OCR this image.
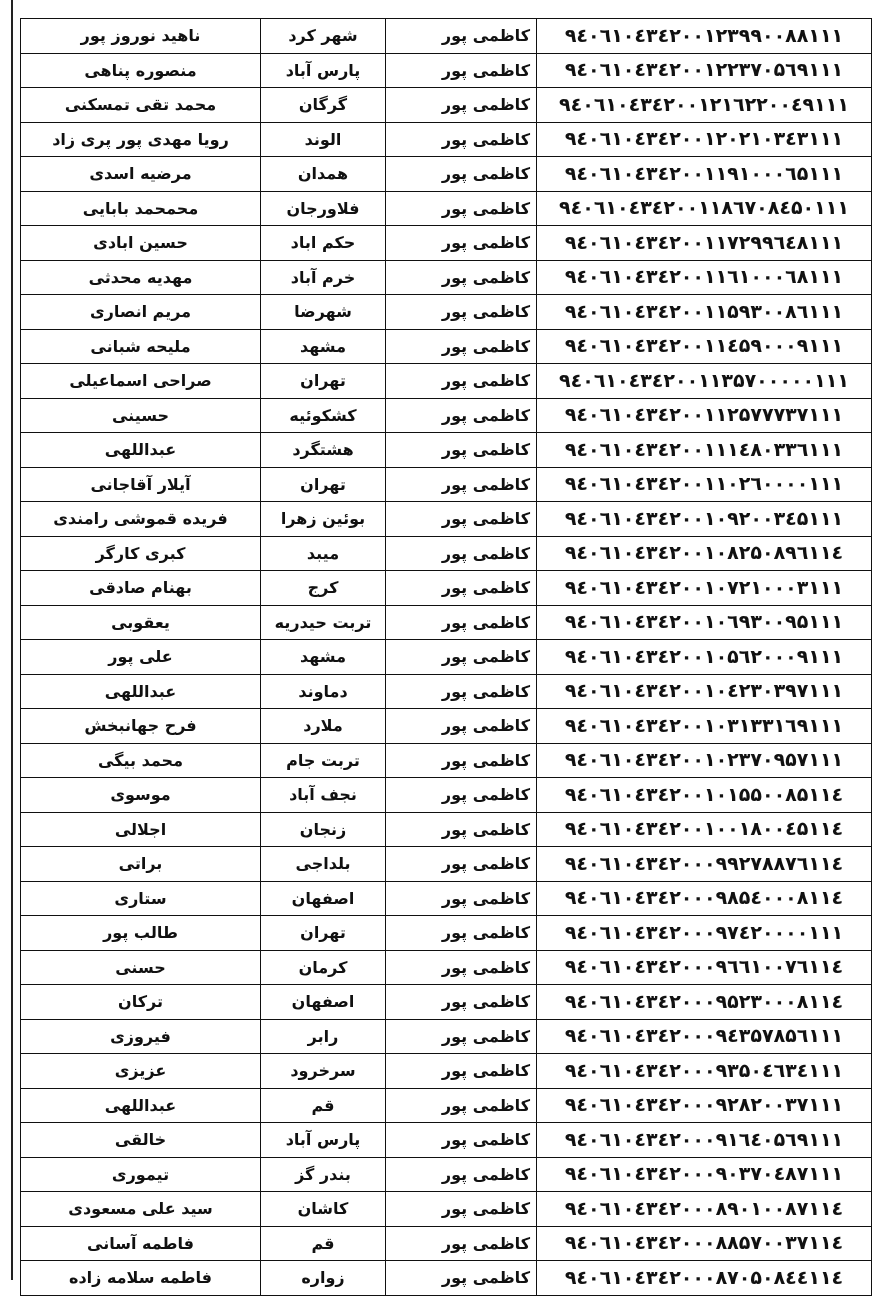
۹٤۰٦۱۰٤۳٤۲۰۰۱۲۳۹۹۰۰۸۸۱۱۱	کاظمی پور	شهر کرد	ناهید نوروز پور
۹٤۰٦۱۰٤۳٤۲۰۰۱۲۲۳۷۰۵٦۹۱۱۱	کاظمی پور	پارس آباد	منصوره پناهی
۹٤۰٦۱۰٤۳٤۲۰۰۱۲۱٦۲۲۰۰٤۹۱۱۱	کاظمی پور	گرگان	محمد تقی تمسکنی
۹٤۰٦۱۰٤۳٤۲۰۰۱۲۰۲۱۰۳٤۳۱۱۱	کاظمی پور	الوند	رویا مهدی پور پری زاد
۹٤۰٦۱۰٤۳٤۲۰۰۱۱۹۱۰۰۰٦۵۱۱۱	کاظمی پور	همدان	مرضیه اسدی
۹٤۰٦۱۰٤۳٤۲۰۰۱۱۸٦۷۰۸٤۵۰۱۱۱	کاظمی پور	فلاورجان	محمحمد بابایی
۹٤۰٦۱۰٤۳٤۲۰۰۱۱۷۲۹۹٦٤۸۱۱۱	کاظمی پور	حکم اباد	حسین ابادی
۹٤۰٦۱۰٤۳٤۲۰۰۱۱٦۱۰۰۰٦۸۱۱۱	کاظمی پور	خرم آباد	مهدیه محدثی
۹٤۰٦۱۰٤۳٤۲۰۰۱۱۵۹۳۰۰۸٦۱۱۱	کاظمی پور	شهرضا	مریم انصاری
۹٤۰٦۱۰٤۳٤۲۰۰۱۱٤۵۹۰۰۰۹۱۱۱	کاظمی پور	مشهد	ملیحه شبانی
۹٤۰٦۱۰٤۳٤۲۰۰۱۱۳۵۷۰۰۰۰۰۱۱۱	کاظمی پور	تهران	صراحی اسماعیلی
۹٤۰٦۱۰٤۳٤۲۰۰۱۱۲۵۷۷۷۳۷۱۱۱	کاظمی پور	کشکوئیه	حسینی
۹٤۰٦۱۰٤۳٤۲۰۰۱۱۱٤۸۰۳۳٦۱۱۱	کاظمی پور	هشتگرد	عبداللهی
۹٤۰٦۱۰٤۳٤۲۰۰۱۱۰۲٦۰۰۰۰۱۱۱	کاظمی پور	تهران	آیلار آقاجانی
۹٤۰٦۱۰٤۳٤۲۰۰۱۰۹۲۰۰۳٤۵۱۱۱	کاظمی پور	بوئین زهرا	فریده قموشی رامندی
۹٤۰٦۱۰٤۳٤۲۰۰۱۰۸۲۵۰۸۹٦۱۱٤	کاظمی پور	میبد	کبری کارگر
۹٤۰٦۱۰٤۳٤۲۰۰۱۰۷۲۱۰۰۰۳۱۱۱	کاظمی پور	کرج	بهنام صادقی
۹٤۰٦۱۰٤۳٤۲۰۰۱۰٦۹۳۰۰۹۵۱۱۱	کاظمی پور	تربت حیدریه	یعقوبی
۹٤۰٦۱۰٤۳٤۲۰۰۱۰۵٦۲۰۰۰۹۱۱۱	کاظمی پور	مشهد	علی پور
۹٤۰٦۱۰٤۳٤۲۰۰۱۰٤۲۳۰۳۹۷۱۱۱	کاظمی پور	دماوند	عبداللهی
۹٤۰٦۱۰٤۳٤۲۰۰۱۰۳۱۳۳۱٦۹۱۱۱	کاظمی پور	ملارد	فرح جهانبخش
۹٤۰٦۱۰٤۳٤۲۰۰۱۰۲۳۷۰۹۵۷۱۱۱	کاظمی پور	تربت جام	محمد بیگی
۹٤۰٦۱۰٤۳٤۲۰۰۱۰۱۵۵۰۰۸۵۱۱٤	کاظمی پور	نجف آباد	موسوی
۹٤۰٦۱۰٤۳٤۲۰۰۱۰۰۱۸۰۰٤۵۱۱٤	کاظمی پور	زنجان	اجلالی
۹٤۰٦۱۰٤۳٤۲۰۰۰۹۹۲۷۸۸۷٦۱۱٤	کاظمی پور	بلداجی	براتی
۹٤۰٦۱۰٤۳٤۲۰۰۰۹۸۵٤۰۰۰۸۱۱٤	کاظمی پور	اصفهان	ستاری
۹٤۰٦۱۰٤۳٤۲۰۰۰۹۷٤۲۰۰۰۰۱۱۱	کاظمی پور	تهران	طالب پور
۹٤۰٦۱۰٤۳٤۲۰۰۰۹٦٦۱۰۰۷٦۱۱٤	کاظمی پور	کرمان	حسنی
۹٤۰٦۱۰٤۳٤۲۰۰۰۹۵۲۳۰۰۰۸۱۱٤	کاظمی پور	اصفهان	ترکان
۹٤۰٦۱۰٤۳٤۲۰۰۰۹٤۳۵۷۸۵٦۱۱۱	کاظمی پور	رابر	فیروزی
۹٤۰٦۱۰٤۳٤۲۰۰۰۹۳۵۰٤٦۳٤۱۱۱	کاظمی پور	سرخرود	عزیزی
۹٤۰٦۱۰٤۳٤۲۰۰۰۹۲۸۲۰۰۳۷۱۱۱	کاظمی پور	قم	عبداللهی
۹٤۰٦۱۰٤۳٤۲۰۰۰۹۱٦٤۰۵٦۹۱۱۱	کاظمی پور	پارس آباد	خالقی
۹٤۰٦۱۰٤۳٤۲۰۰۰۹۰۳۷۰٤۸۷۱۱۱	کاظمی پور	بندر گز	تیموری
۹٤۰٦۱۰٤۳٤۲۰۰۰۸۹۰۱۰۰۸۷۱۱٤	کاظمی پور	کاشان	سید علی مسعودی
۹٤۰٦۱۰٤۳٤۲۰۰۰۸۸۵۷۰۰۳۷۱۱٤	کاظمی پور	قم	فاطمه آسانی
۹٤۰٦۱۰٤۳٤۲۰۰۰۸۷۰۵۰۸٤٤۱۱٤	کاظمی پور	زواره	فاطمه سلامه زاده
